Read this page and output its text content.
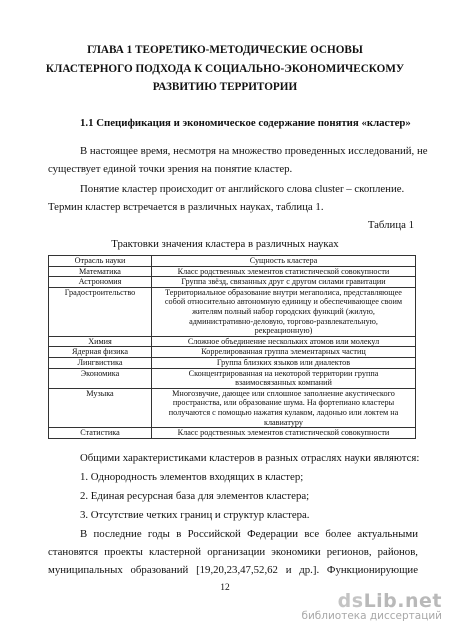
ГЛАВА 1 ТЕОРЕТИКО-МЕТОДИЧЕСКИЕ ОСНОВЫ
КЛАСТЕРНОГО ПОДХОДА К СОЦИАЛЬНО-ЭКОНОМИЧЕСКОМУ
РАЗВИТИЮ ТЕРРИТОРИИ
1.1 Спецификация и экономическое содержание понятия «кластер»
В настоящее время, несмотря на множество проведенных исследований, не
существует единой точки зрения на понятие кластер.
Понятие кластер происходит от английского слова cluster – скопление.
Термин кластер встречается в различных науках, таблица 1.
Таблица 1
Трактовки значения кластера в различных науках
Отрасль науки	Сущность кластера
Математика	Класс родственных элементов статистической совокупности

Астрономия	Группа звёзд, связанных друг с другом силами гравитации

Градостроительство	Территориальное образование внутри мегаполиса, представляющее
собой относительно автономную единицу и обеспечивающее своим
жителям полный набор городских функций (жилую,
административно-деловую, торгово-развлекательную,
рекреационную)

Химия	Сложное объединение нескольких атомов или молекул

Ядерная физика	Коррелированная группа элементарных частиц

Лингвистика	Группа близких языков или диалектов

Экономика	Сконцентрированная на некоторой территории группа
взаимосвязанных компаний

Музыка	Многозвучие, дающее или сплошное заполнение акустического
пространства, или образование шума. На фортепиано кластеры
получаются с помощью нажатия кулаком, ладонью или локтем на
клавиатуру

Статистика	Класс родственных элементов статистической совокупности
Общими характеристиками кластеров в разных отраслях науки являются:
1. Однородность элементов входящих в кластер;
2. Единая ресурсная база для элементов кластера;
3. Отсутствие четких границ и структур кластера.
В последние годы в Российской Федерации все более актуальными
становятся проекты кластерной организации экономики регионов, районов,
муниципальных образований [19,20,23,47,52,62 и др.]. Функционирующие
12
dsLib.net
библиотека диссертаций
